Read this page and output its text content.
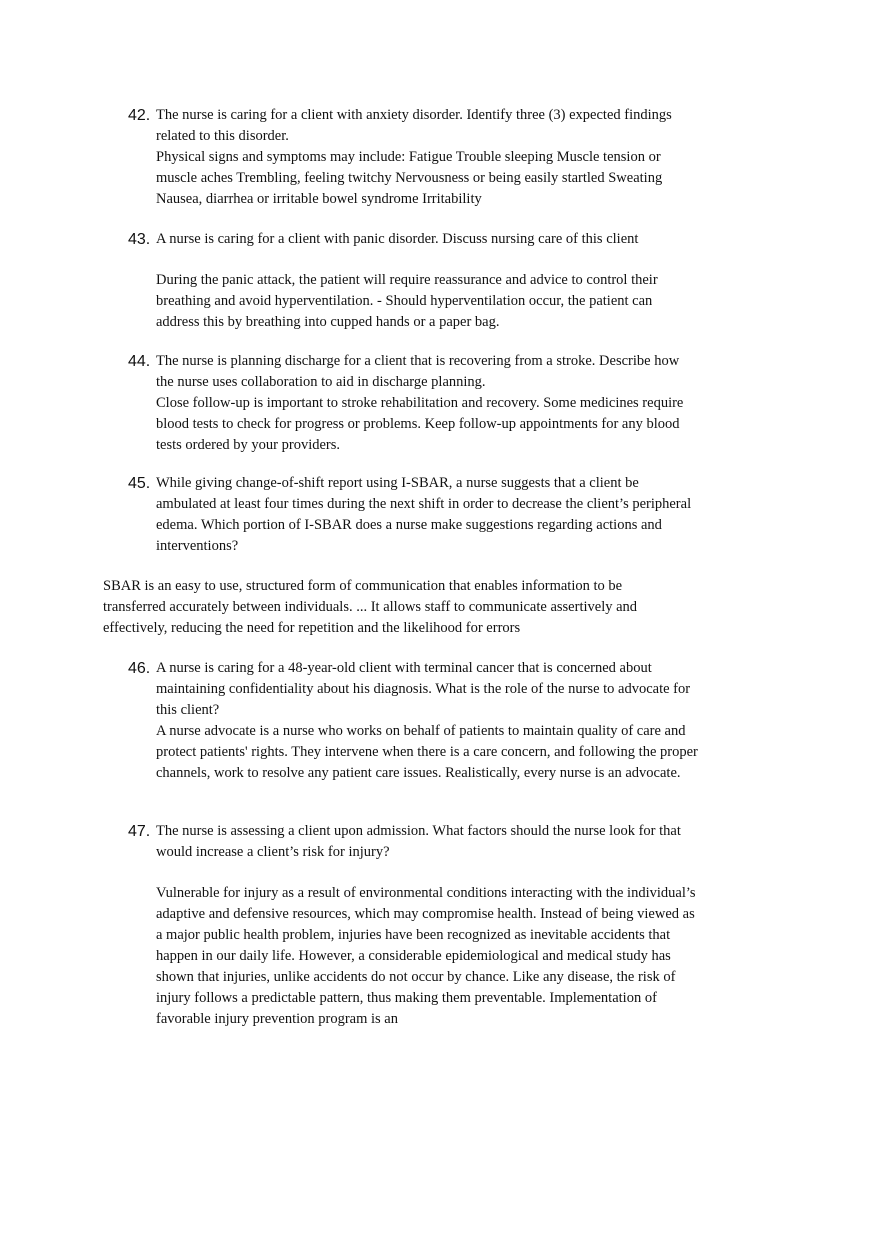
42. The nurse is caring for a client with anxiety disorder. Identify three (3) expected findings related to this disorder.

Physical signs and symptoms may include: Fatigue Trouble sleeping Muscle tension or muscle aches Trembling, feeling twitchy Nervousness or being easily startled Sweating Nausea, diarrhea or irritable bowel syndrome Irritability

43. A nurse is caring for a client with panic disorder. Discuss nursing care of this client

During the panic attack, the patient will require reassurance and advice to control their breathing and avoid hyperventilation. - Should hyperventilation occur, the patient can address this by breathing into cupped hands or a paper bag.

44. The nurse is planning discharge for a client that is recovering from a stroke. Describe how the nurse uses collaboration to aid in discharge planning.

Close follow-up is important to stroke rehabilitation and recovery. Some medicines require blood tests to check for progress or problems. Keep follow-up appointments for any blood tests ordered by your providers.

45. While giving change-of-shift report using I-SBAR, a nurse suggests that a client be ambulated at least four times during the next shift in order to decrease the client’s peripheral edema. Which portion of I-SBAR does a nurse make suggestions regarding actions and interventions?

SBAR is an easy to use, structured form of communication that enables information to be transferred accurately between individuals. ... It allows staff to communicate assertively and effectively, reducing the need for repetition and the likelihood for errors

46. A nurse is caring for a 48-year-old client with terminal cancer that is concerned about maintaining confidentiality about his diagnosis. What is the role of the nurse to advocate for this client?

A nurse advocate is a nurse who works on behalf of patients to maintain quality of care and protect patients' rights. They intervene when there is a care concern, and following the proper channels, work to resolve any patient care issues. Realistically, every nurse is an advocate.

47. The nurse is assessing a client upon admission. What factors should the nurse look for that would increase a client’s risk for injury?

Vulnerable for injury as a result of environmental conditions interacting with the individual’s adaptive and defensive resources, which may compromise health. Instead of being viewed as a major public health problem, injuries have been recognized as inevitable accidents that happen in our daily life. However, a considerable epidemiological and medical study has shown that injuries, unlike accidents do not occur by chance. Like any disease, the risk of injury follows a predictable pattern, thus making them preventable. Implementation of favorable injury prevention program is an
